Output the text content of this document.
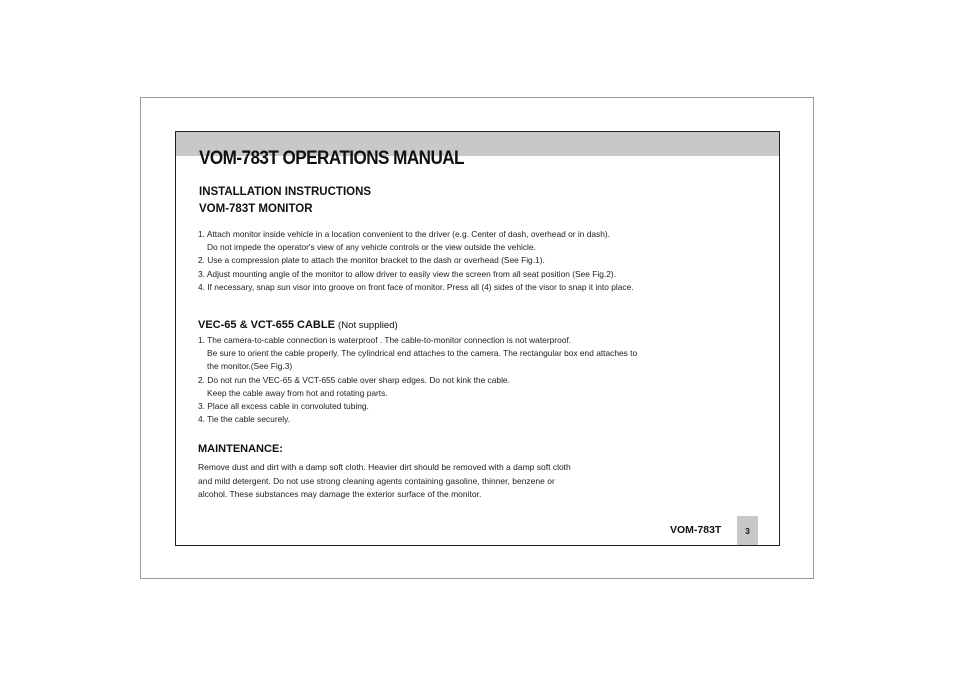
VOM-783T OPERATIONS MANUAL
INSTALLATION INSTRUCTIONS
VOM-783T MONITOR
1. Attach monitor inside vehicle in a location convenient to the driver (e.g. Center of dash, overhead or in dash).
Do not impede the operator's view of any vehicle controls or the view outside the vehicle.
2. Use a compression plate to attach the monitor bracket to the dash or overhead (See Fig.1).
3. Adjust mounting angle of the monitor to allow driver to easily view the screen from all seat position (See Fig.2).
4. If necessary, snap sun visor into groove on front face of monitor. Press all (4) sides of the visor to snap it into place.

VEC-65 & VCT-655 CABLE (Not supplied)

1. The camera-to-cable connection is waterproof . The cable-to-monitor connection is not waterproof.
Be sure to orient the cable properly. The cylindrical end attaches to the camera. The rectangular box end attaches to
the monitor.(See Fig.3)
2. Do not run the VEC-65 & VCT-655 cable over sharp edges. Do not kink the cable.
Keep the cable away from hot and rotating parts.
3. Place all excess cable in convoluted tubing.
4. Tie the cable securely.

MAINTENANCE:

Remove dust and dirt with a damp soft cloth. Heavier dirt should be removed with a damp soft cloth
and mild detergent. Do not use strong cleaning agents containing gasoline, thinner, benzene or
alcohol. These substances may damage the exterior surface of the monitor.

VOM-783T	3
